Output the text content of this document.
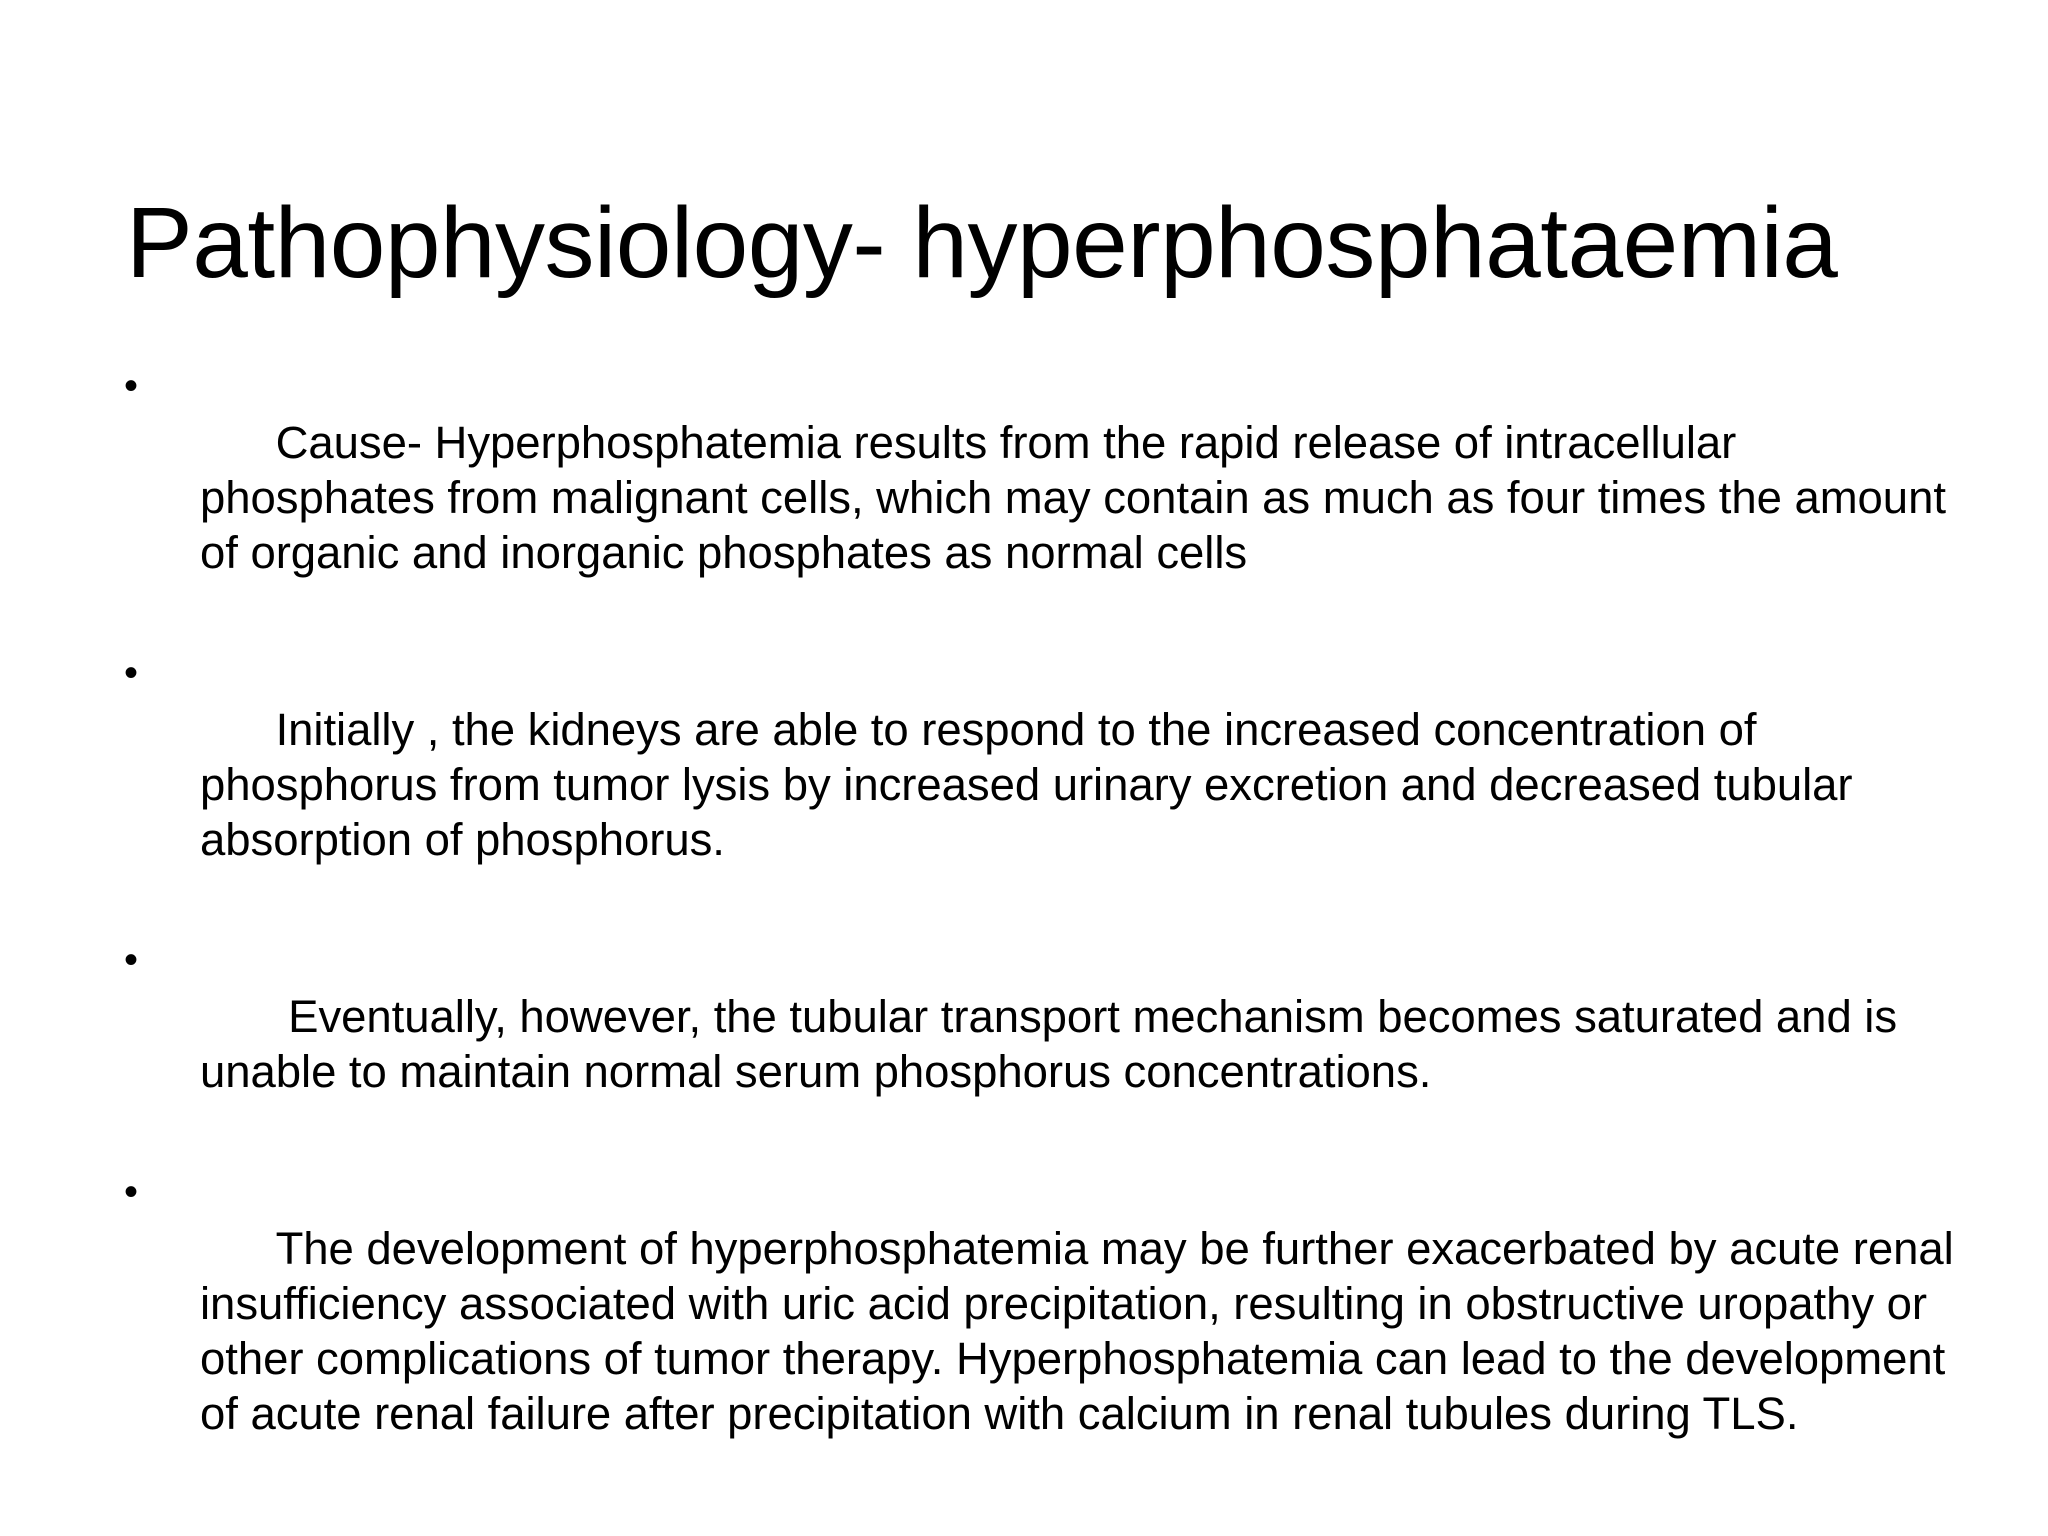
Pathophysiology- hyperphosphataemia

•
Cause- Hyperphosphatemia results from the rapid release of intracellular phosphates from malignant cells, which may contain as much as four times the amount of organic and inorganic phosphates as normal cells

•
Initially , the kidneys are able to respond to the increased concentration of phosphorus from tumor lysis by increased urinary excretion and decreased tubular absorption of phosphorus.

•
Eventually, however, the tubular transport mechanism becomes saturated and is unable to maintain normal serum phosphorus concentrations.

•
The development of hyperphosphatemia may be further exacerbated by acute renal insufficiency associated with uric acid precipitation, resulting in obstructive uropathy or other complications of tumor therapy. Hyperphosphatemia can lead to the development of acute renal failure after precipitation with calcium in renal tubules during TLS.
